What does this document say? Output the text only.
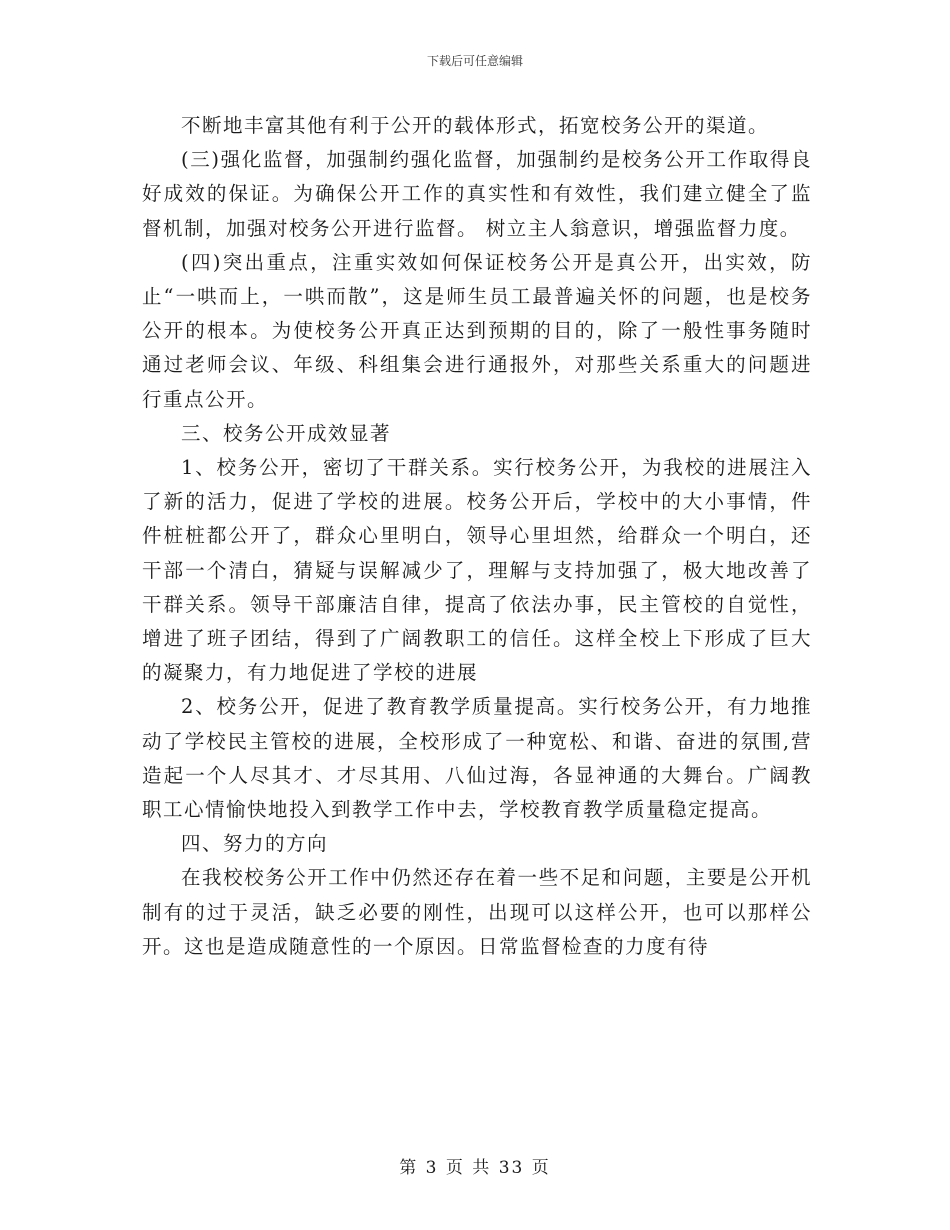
下载后可任意编辑

不断地丰富其他有利于公开的载体形式，拓宽校务公开的渠道。

(三)强化监督，加强制约强化监督，加强制约是校务公开工作取得良好成效的保证。为确保公开工作的真实性和有效性，我们建立健全了监督机制，加强对校务公开进行监督。 树立主人翁意识，增强监督力度。

(四)突出重点，注重实效如何保证校务公开是真公开，出实效，防止“一哄而上，一哄而散”，这是师生员工最普遍关怀的问题，也是校务公开的根本。为使校务公开真正达到预期的目的，除了一般性事务随时通过老师会议、年级、科组集会进行通报外，对那些关系重大的问题进行重点公开。

三、校务公开成效显著

1、校务公开，密切了干群关系。实行校务公开，为我校的进展注入了新的活力，促进了学校的进展。校务公开后，学校中的大小事情，件件桩桩都公开了，群众心里明白，领导心里坦然，给群众一个明白，还干部一个清白，猜疑与误解减少了，理解与支持加强了，极大地改善了干群关系。领导干部廉洁自律，提高了依法办事，民主管校的自觉性，增进了班子团结，得到了广阔教职工的信任。这样全校上下形成了巨大的凝聚力，有力地促进了学校的进展

2、校务公开，促进了教育教学质量提高。实行校务公开，有力地推动了学校民主管校的进展，全校形成了一种宽松、和谐、奋进的氛围,营造起一个人尽其才、才尽其用、八仙过海，各显神通的大舞台。广阔教职工心情愉快地投入到教学工作中去，学校教育教学质量稳定提高。

四、努力的方向

在我校校务公开工作中仍然还存在着一些不足和问题，主要是公开机制有的过于灵活，缺乏必要的刚性，出现可以这样公开，也可以那样公开。这也是造成随意性的一个原因。日常监督检查的力度有待

第 3 页 共 33 页
